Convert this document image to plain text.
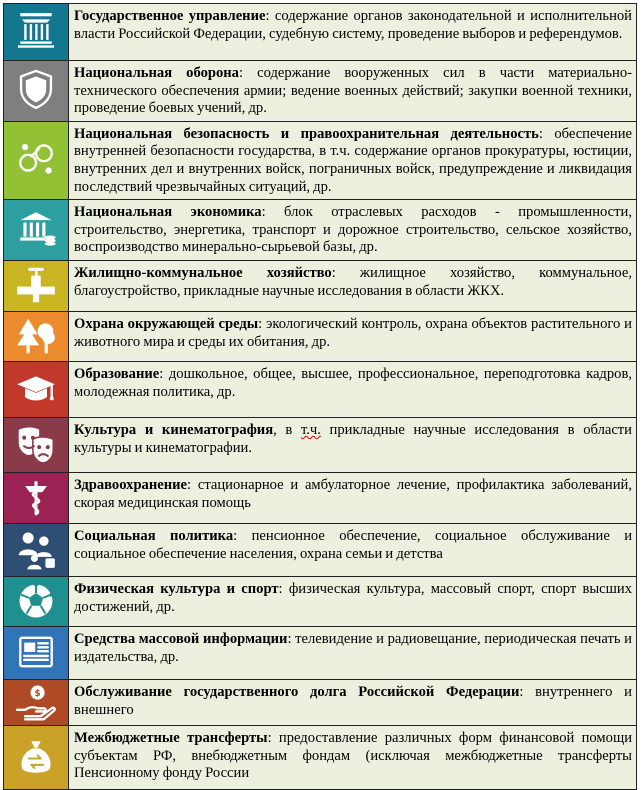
	Государственное управление: содержание органов законодательной и исполнительной власти Российской Федерации, судебную систему, проведение выборов и референдумов.

	Национальная оборона: содержание вооруженных сил в части материально-технического обеспечения армии; ведение военных действий; закупки военной техники, проведение боевых учений, др.

	Национальная безопасность и правоохранительная деятельность: обеспечение внутренней безопасности государства, в т.ч. содержание органов прокуратуры, юстиции, внутренних дел и внутренних войск, пограничных войск, предупреждение и ликвидация последствий чрезвычайных ситуаций, др.

	Национальная экономика: блок отраслевых расходов - промышленности, строительство, энергетика, транспорт и дорожное строительство, сельское хозяйство, воспроизводство минерально-сырьевой базы, др.

	Жилищно-коммунальное хозяйство: жилищное хозяйство, коммунальное, благоустройство, прикладные научные исследования в области ЖКХ.

	Охрана окружающей среды: экологический контроль, охрана объектов растительного и животного мира и среды их обитания, др.

	Образование: дошкольное, общее, высшее, профессиональное, переподготовка кадров, молодежная политика, др.

	Культура и кинематография, в т.ч. прикладные научные исследования в области культуры и кинематографии.

	Здравоохранение: стационарное и амбулаторное лечение, профилактика заболеваний, скорая медицинская помощь

	Социальная политика: пенсионное обеспечение, социальное обслуживание и социальное обеспечение населения, охрана семьи и детства

	Физическая культура и спорт: физическая культура, массовый спорт, спорт высших достижений, др.

	Средства массовой информации: телевидение и радиовещание, периодическая печать и издательства, др.

$	Обслуживание государственного долга Российской Федерации: внутреннего и внешнего

	Межбюджетные трансферты: предоставление различных форм финансовой помощи субъектам РФ, внебюджетным фондам (исключая межбюджетные трансферты Пенсионному фонду России
